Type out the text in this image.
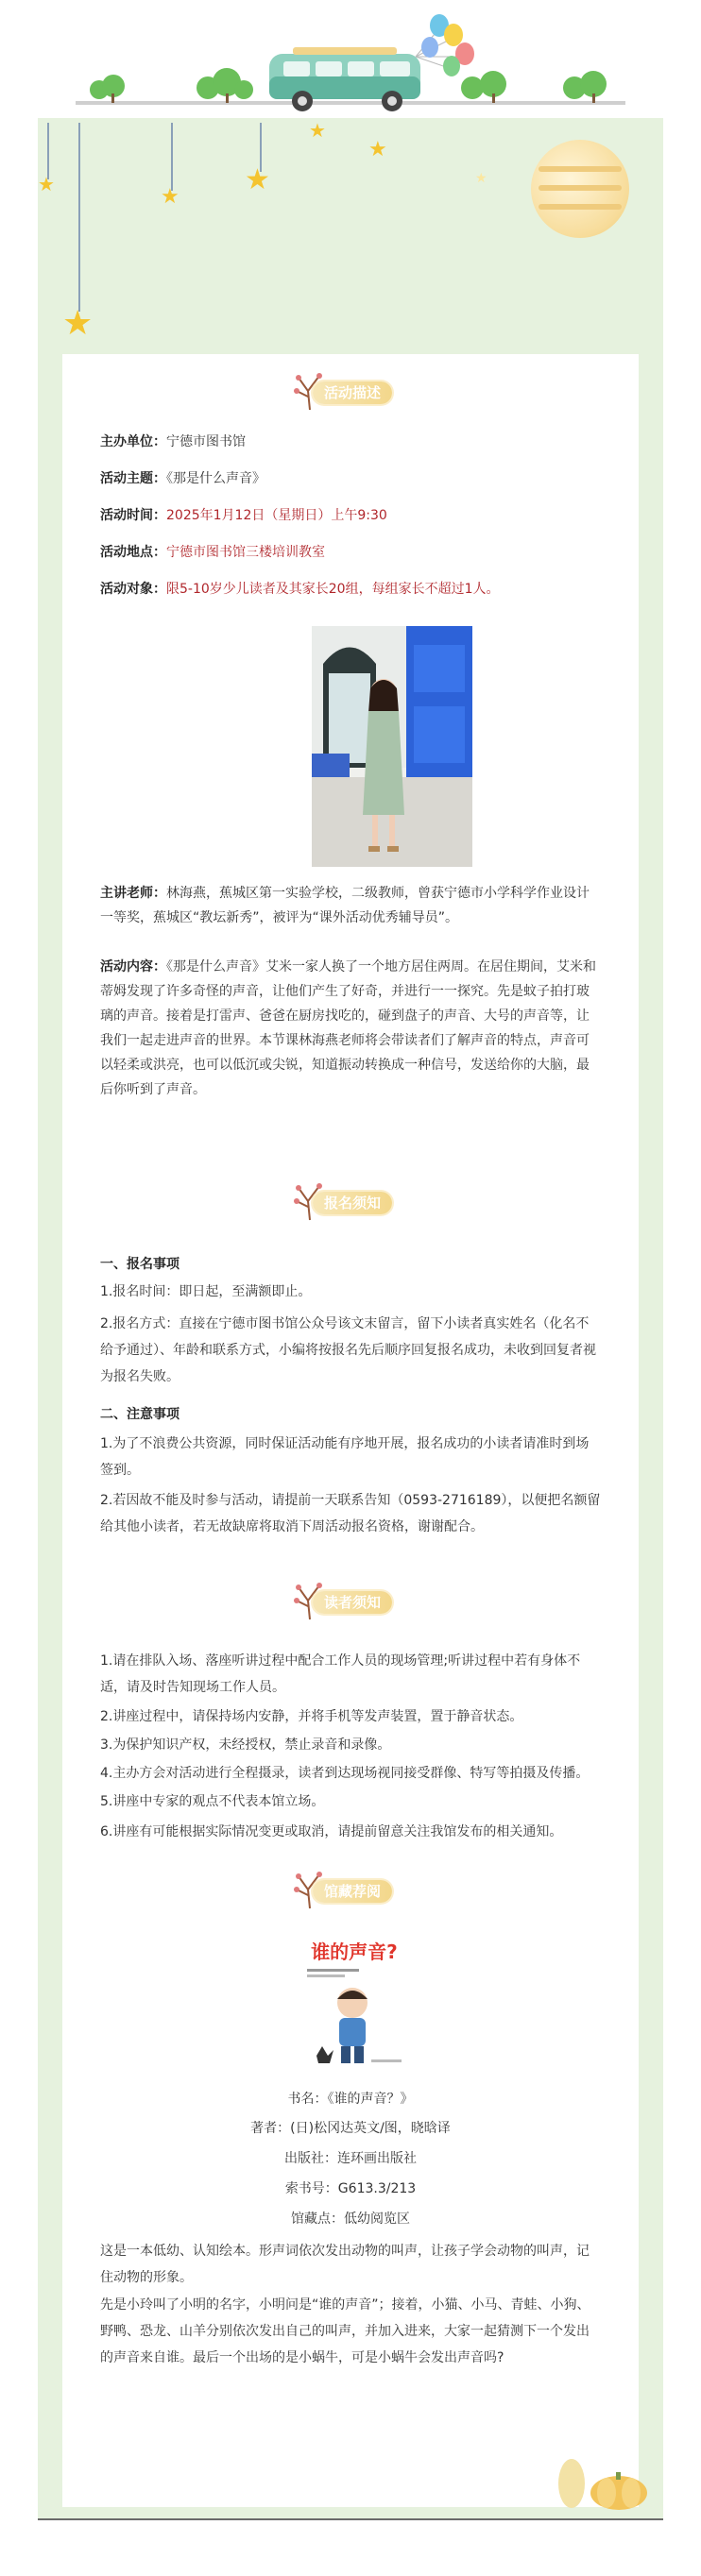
★
★
★
★
★
★
★
活动描述
主办单位：宁德市图书馆
活动主题：《那是什么声音》
活动时间：2025年1月12日（星期日）上午9:30
活动地点：宁德市图书馆三楼培训教室
活动对象：限5-10岁少儿读者及其家长20组，每组家长不超过1人。
主讲老师：林海燕，蕉城区第一实验学校，二级教师，曾获宁德市小学科学作业设计一等奖，蕉城区“教坛新秀”，被评为“课外活动优秀辅导员”。
活动内容：《那是什么声音》艾米一家人换了一个地方居住两周。在居住期间，艾米和蒂姆发现了许多奇怪的声音，让他们产生了好奇，并进行一一探究。先是蚊子拍打玻璃的声音。接着是打雷声、爸爸在厨房找吃的，碰到盘子的声音、大号的声音等，让我们一起走进声音的世界。本节课林海燕老师将会带读者们了解声音的特点，声音可以轻柔或洪亮，也可以低沉或尖锐，知道振动转换成一种信号，发送给你的大脑，最后你听到了声音。
报名须知
一、报名事项
1.报名时间：即日起，至满额即止。
2.报名方式：直接在宁德市图书馆公众号该文末留言，留下小读者真实姓名（化名不给予通过）、年龄和联系方式，小编将按报名先后顺序回复报名成功，未收到回复者视为报名失败。
二、注意事项
1.为了不浪费公共资源，同时保证活动能有序地开展，报名成功的小读者请准时到场签到。
2.若因故不能及时参与活动，请提前一天联系告知（0593-2716189），以便把名额留给其他小读者，若无故缺席将取消下周活动报名资格，谢谢配合。
读者须知
1.请在排队入场、落座听讲过程中配合工作人员的现场管理;听讲过程中若有身体不适，请及时告知现场工作人员。
2.讲座过程中，请保持场内安静，并将手机等发声装置，置于静音状态。
3.为保护知识产权，未经授权，禁止录音和录像。
4.主办方会对活动进行全程摄录，读者到达现场视同接受群像、特写等拍摄及传播。
5.讲座中专家的观点不代表本馆立场。
6.讲座有可能根据实际情况变更或取消，请提前留意关注我馆发布的相关通知。
馆藏荐阅
谁的声音?
书名：《谁的声音？》
著者：(日)松冈达英文/图，晓晗译
出版社：连环画出版社
索书号：G613.3/213
馆藏点：低幼阅览区
这是一本低幼、认知绘本。形声词依次发出动物的叫声，让孩子学会动物的叫声，记住动物的形象。
先是小玲叫了小明的名字，小明问是“谁的声音”；接着，小猫、小马、青蛙、小狗、野鸭、恐龙、山羊分别依次发出自己的叫声，并加入进来，大家一起猜测下一个发出的声音来自谁。最后一个出场的是小蜗牛，可是小蜗牛会发出声音吗?
